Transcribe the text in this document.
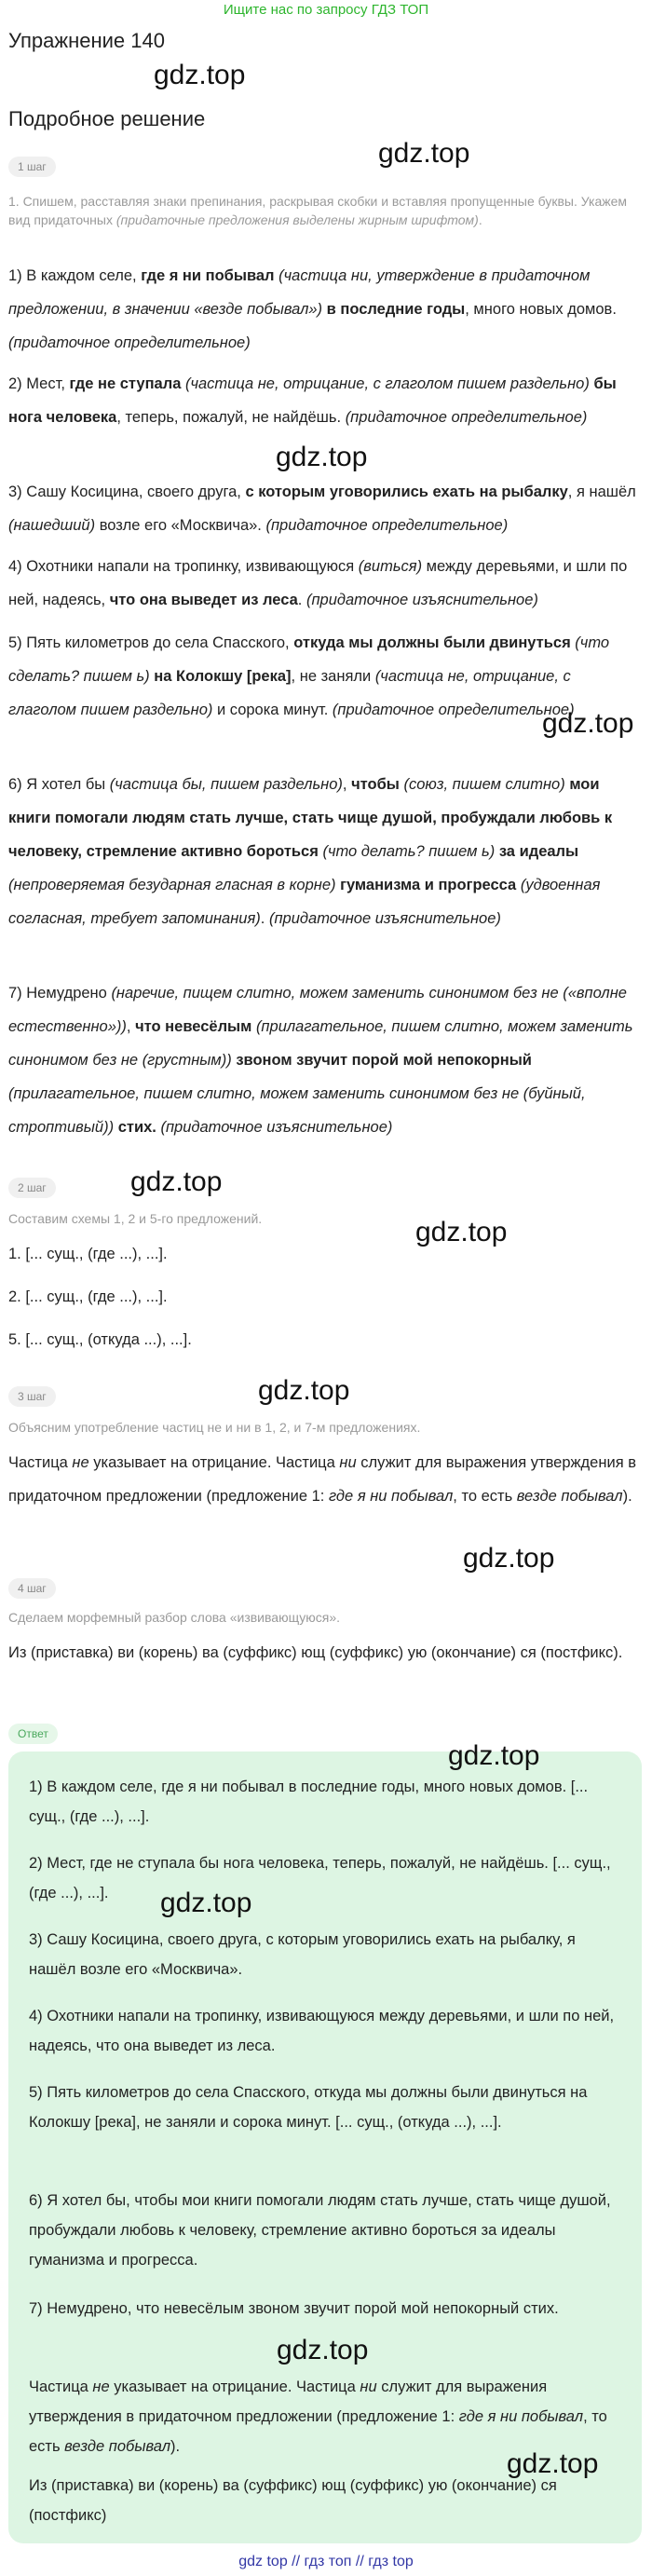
Ищите нас по запросу ГДЗ ТОП
Упражнение 140
gdz.top
Подробное решение
gdz.top
1 шаг

1. Спишем, расставляя знаки препинания, раскрывая скобки и вставляя пропущенные буквы. Укажем вид придаточных (придаточные предложения выделены жирным шрифтом).

1) В каждом селе, где я ни побывал (частица ни, утверждение в придаточном предложении, в значении «везде побывал») в последние годы, много новых домов. (придаточное определительное)

2) Мест, где не ступала (частица не, отрицание, с глаголом пишем раздельно) бы нога человека, теперь, пожалуй, не найдёшь. (придаточное определительное)

gdz.top

3) Сашу Косицина, своего друга, с которым уговорились ехать на рыбалку, я нашёл (нашедший) возле его «Москвича». (придаточное определительное)

4) Охотники напали на тропинку, извивающуюся (виться) между деревьями, и шли по ней, надеясь, что она выведет из леса. (придаточное изъяснительное)

5) Пять километров до села Спасского, откуда мы должны были двинуться (что сделать? пишем ь) на Колокшу [река], не заняли (частица не, отрицание, с глаголом пишем раздельно) и сорока минут. (придаточное определительное)

gdz.top

6) Я хотел бы (частица бы, пишем раздельно), чтобы (союз, пишем слитно) мои книги помогали людям стать лучше, стать чище душой, пробуждали любовь к человеку, стремление активно бороться (что делать? пишем ь) за идеалы (непроверяемая безударная гласная в корне) гуманизма и прогресса (удвоенная согласная, требует запоминания). (придаточное изъяснительное)

7) Немудрено (наречие, пищем слитно, можем заменить синонимом без не («вполне естественно»)), что невесёлым (прилагательное, пишем слитно, можем заменить синонимом без не (грустным)) звоном звучит порой мой непокорный (прилагательное, пишем слитно, можем заменить синонимом без не (буйный, строптивый)) стих. (придаточное изъяснительное)

2 шаг	gdz.top

Составим схемы 1, 2 и 5-го предложений.	gdz.top

1. [... сущ., (где ...), ...].

2. [... сущ., (где ...), ...].

5. [... сущ., (откуда ...), ...].

gdz.top
3 шаг

Объясним употребление частиц не и ни в 1, 2, и 7-м предложениях.

Частица не указывает на отрицание. Частица ни служит для выражения утверждения в придаточном предложении (предложение 1: где я ни побывал, то есть везде побывал).

gdz.top
4 шаг

Сделаем морфемный разбор слова «извивающуюся».

Из (приставка) ви (корень) ва (суффикс) ющ (суффикс) ую (окончание) ся (постфикс).

Ответ

1) В каждом селе, где я ни побывал в последние годы, много новых домов. [... сущ., (где ...), ...].

2) Мест, где не ступала бы нога человека, теперь, пожалуй, не найдёшь. [... сущ., (где ...), ...].

3) Сашу Косицина, своего друга, с которым уговорились ехать на рыбалку, я нашёл возле его «Москвича».

4) Охотники напали на тропинку, извивающуюся между деревьями, и шли по ней, надеясь, что она выведет из леса.

5) Пять километров до села Спасского, откуда мы должны были двинуться на Колокшу [река], не заняли и сорока минут. [... сущ., (откуда ...), ...].

6) Я хотел бы, чтобы мои книги помогали людям стать лучше, стать чище душой, пробуждали любовь к человеку, стремление активно бороться за идеалы гуманизма и прогресса.

7) Немудрено, что невесёлым звоном звучит порой мой непокорный стих.

Частица не указывает на отрицание. Частица ни служит для выражения утверждения в придаточном предложении (предложение 1: где я ни побывал, то есть везде побывал).

Из (приставка) ви (корень) ва (суффикс) ющ (суффикс) ую (окончание) ся (постфикс)

gdz.top
gdz.top
gdz.top
gdz.top
gdz top // гдз топ // гдз top
